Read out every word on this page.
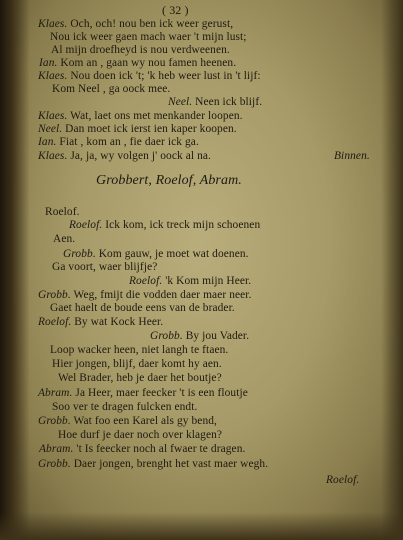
( 32 )
Klaes. Och, och! nou ben ick weer gerust,
Nou ick weer gaen mach waer 't mijn lust;
Al mijn droefheyd is nou verdweenen.
Ian. Kom an , gaan wy nou famen heenen.
Klaes. Nou doen ick 't; 'k heb weer lust in 't lijf:
Kom Neel , ga oock mee.
Neel. Neen ick blijf.
Klaes. Wat, laet ons met menkander loopen.
Neel. Dan moet ick ierst ien kaper koopen.
Ian. Fiat , kom an , fie daer ick ga.
Klaes. Ja, ja, wy volgen j' oock al na.	Binnen.
Grobbert, Roelof, Abram.
Roelof.
Roelof. Ick kom, ick treck mijn schoenen
Aen.
Grobb. Kom gauw, je moet wat doenen.
Ga voort, waer blijfje?
Roelof. 'k Kom mijn Heer.
Grobb. Weg, fmijt die vodden daer maer neer.
Gaet haelt de boude eens van de brader.
Roelof. By wat Kock Heer.
Grobb. By jou Vader.
Loop wacker heen, niet langh te ftaen.
Hier jongen, blijf, daer komt hy aen.
Wel Brader, heb je daer het boutje?
Abram. Ja Heer, maer feecker 't is een floutje
Soo ver te dragen fulcken endt.
Grobb. Wat foo een Karel als gy bend,
Hoe durf je daer noch over klagen?
Abram. 't Is feecker noch al fwaer te dragen.
Grobb. Daer jongen, brenght het vast maer wegh.
Roelof.
